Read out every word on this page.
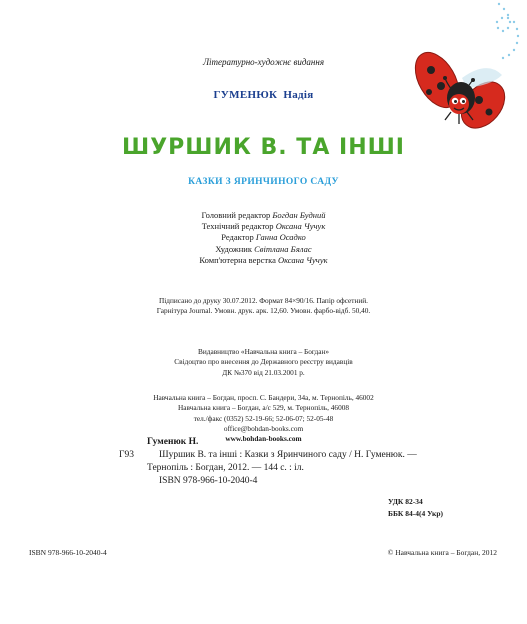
Літературно-художнє видання
ГУМЕНЮК Надія
ШУРШИК В. ТА ІНШІ
КАЗКИ З ЯРИНЧИНОГО САДУ
Головний редактор Богдан Будний
Технічний редактор Оксана Чучук
Редактор Ганна Осадко
Художник Світлана Бялас
Комп'ютерна верстка Оксана Чучук
Підписано до друку 30.07.2012. Формат 84×90/16. Папір офсетний.
Гарнітура Journal. Умовн. друк. арк. 12,60. Умовн. фарбо-відб. 50,40.
Видавництво «Навчальна книга – Богдан»
Свідоцтво про внесення до Державного реєстру видавців
ДК №370 від 21.03.2001 р.
Навчальна книга – Богдан, просп. С. Бандери, 34а, м. Тернопіль, 46002
Навчальна книга – Богдан, а/с 529, м. Тернопіль, 46008
тел./факс (0352) 52-19-66; 52-06-07; 52-05-48
office@bohdan-books.com
www.bohdan-books.com
Гуменюк Н.
Г93	Шуршик В. та інші : Казки з Яринчиного саду / Н. Гуменюк. —
Тернопіль : Богдан, 2012. — 144 с. : іл.
ISBN 978-966-10-2040-4
УДК 82-34
ББК 84-4(4 Укр)
ISBN 978-966-10-2040-4	© Навчальна книга – Богдан, 2012
